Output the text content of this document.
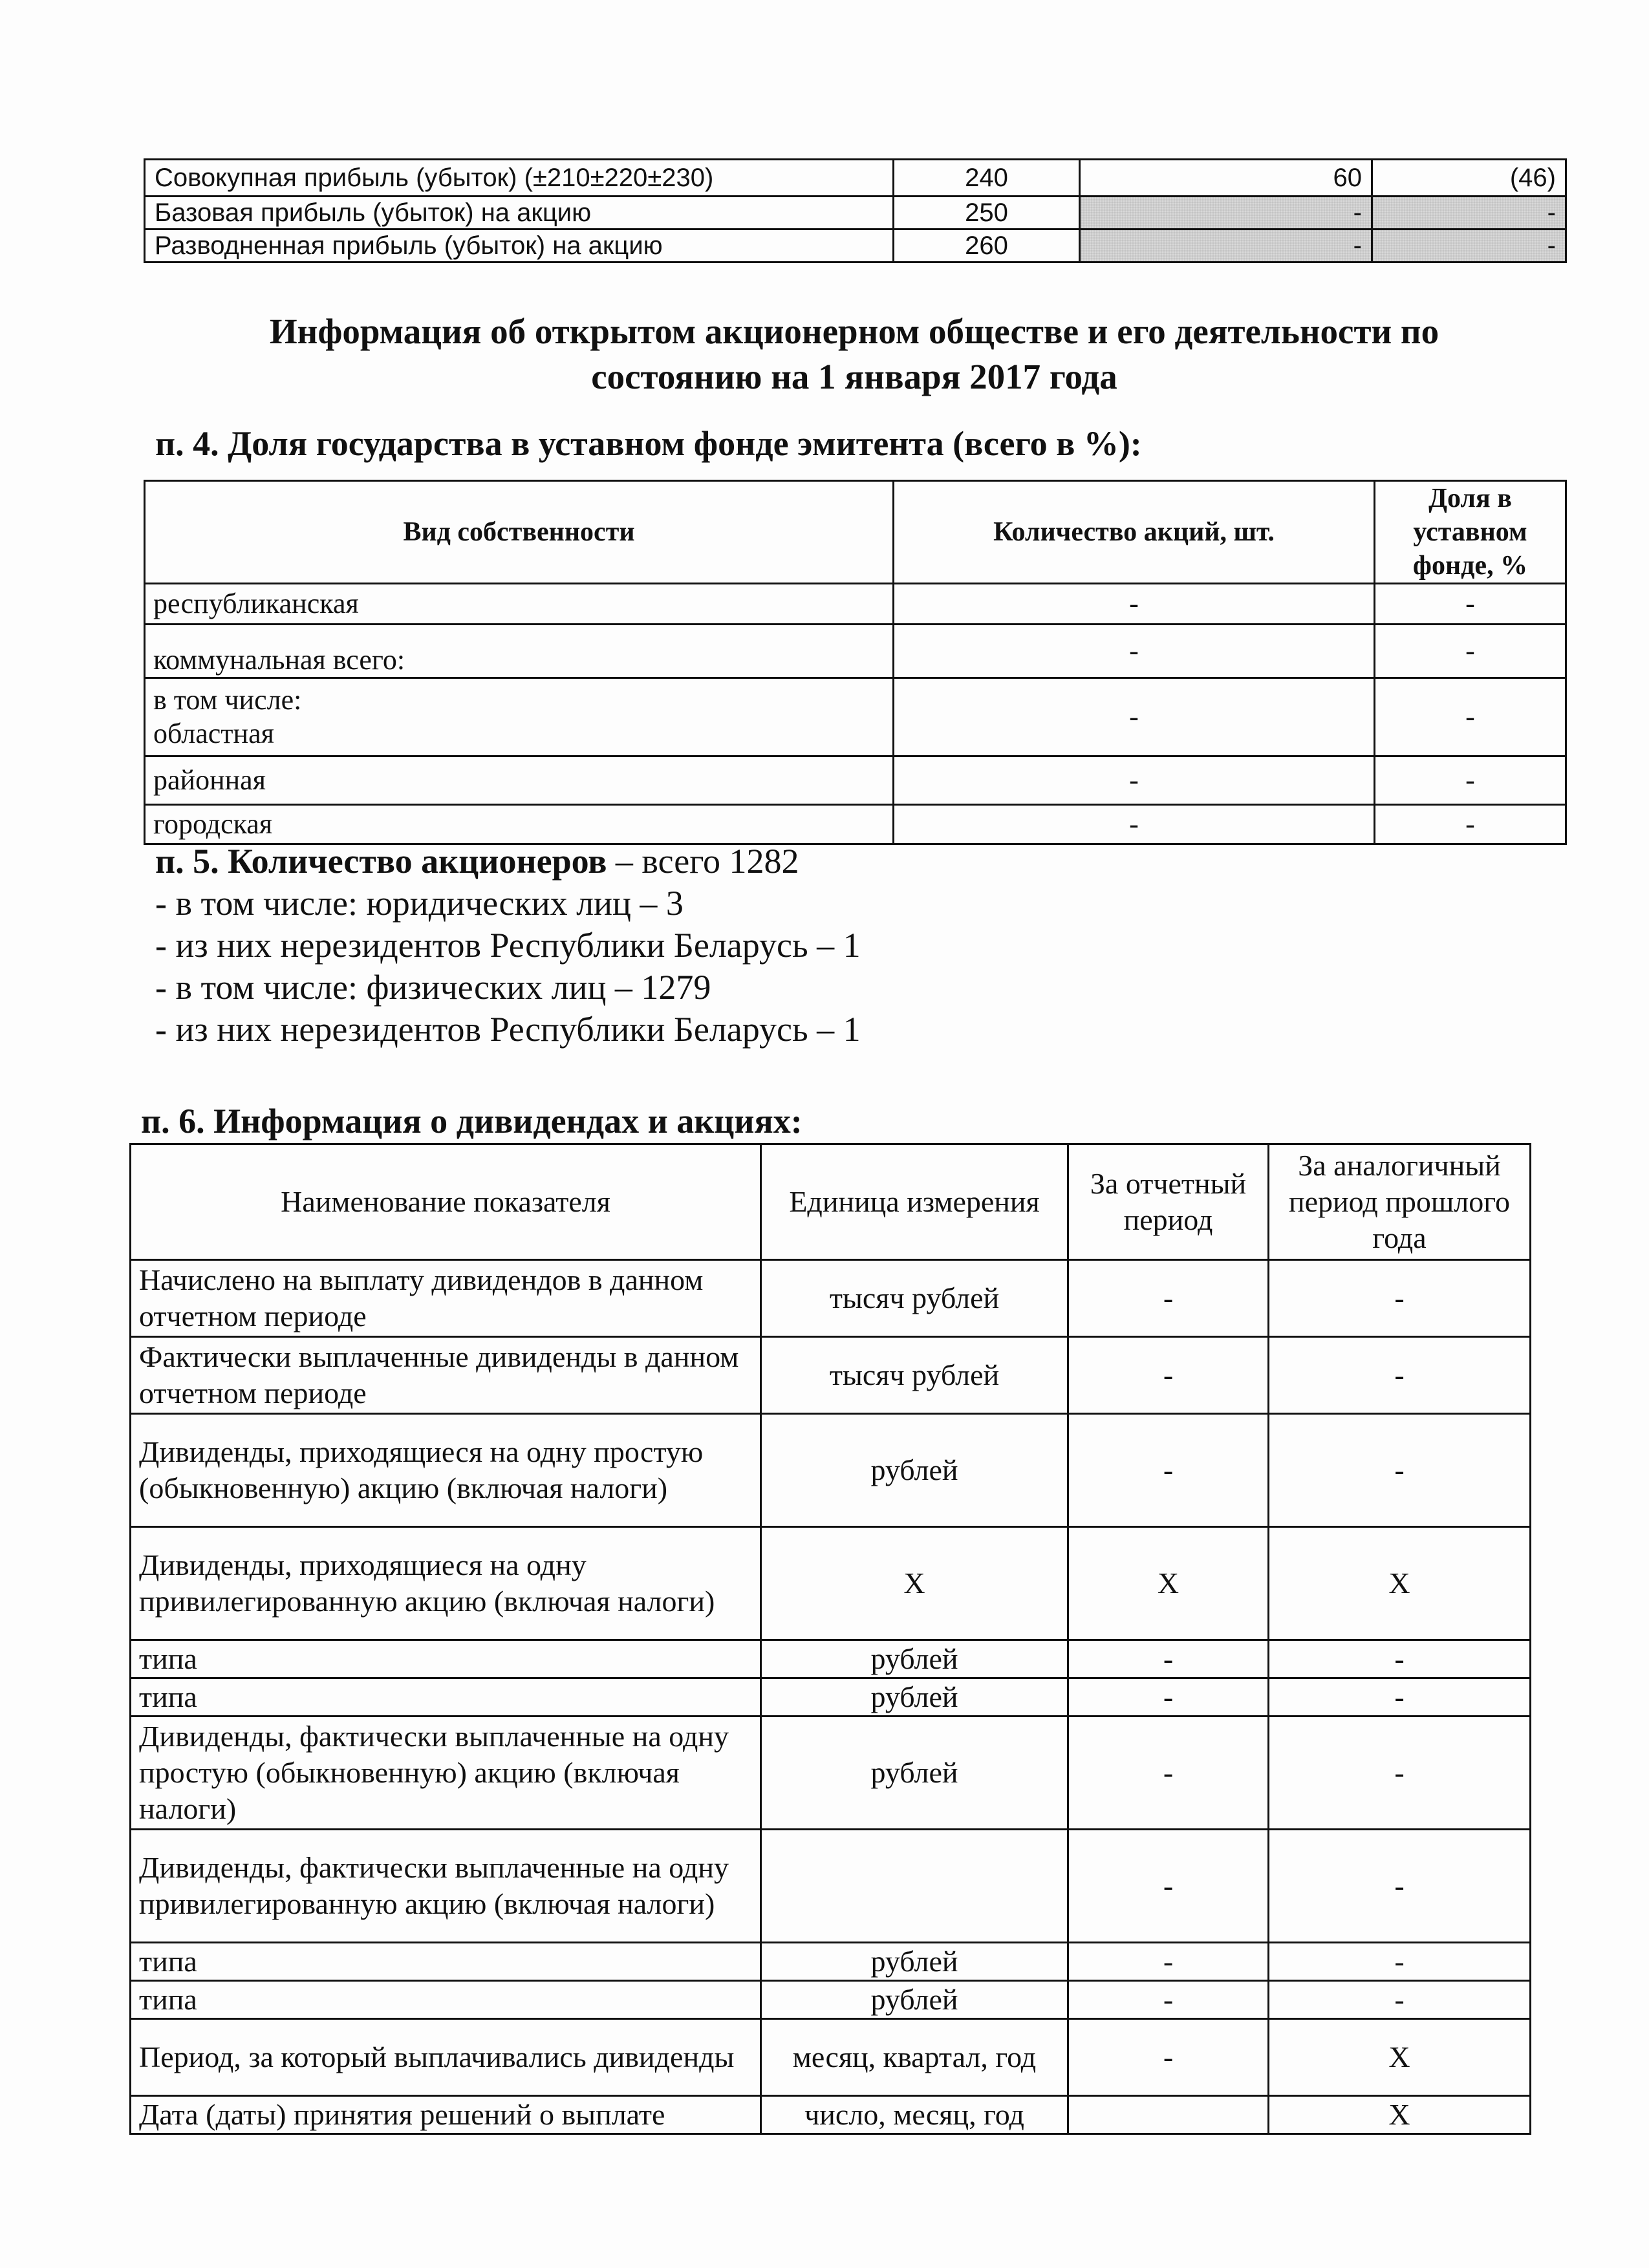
Совокупная прибыль (убыток) (±210±220±230)	240	60	(46)
Базовая прибыль (убыток) на акцию	250	-	-
Разводненная прибыль (убыток) на акцию	260	-	-
Информация об открытом акционерном обществе и его деятельности по
состоянию на 1 января 2017 года
п. 4. Доля государства в уставном фонде эмитента (всего в %):
Вид собственности	Количество акций, шт.	Доля в уставном фонде, %
республиканская	-	-
коммунальная всего:	-	-

в том числе:
областная	-	-
районная	-	-
городская	-	-
п. 5. Количество акционеров – всего 1282
- в том числе: юридических лиц – 3
- из них нерезидентов Республики Беларусь – 1
- в том числе: физических лиц – 1279
- из них нерезидентов Республики Беларусь – 1
п. 6. Информация о дивидендах и акциях:
Наименование показателя	Единица измерения	За отчетный период	За аналогичный период прошлого года
Начислено на выплату дивидендов в данном отчетном периоде	тысяч рублей	-	-
Фактически выплаченные дивиденды в данном отчетном периоде	тысяч рублей	-	-
Дивиденды, приходящиеся на одну простую (обыкновенную) акцию (включая налоги)	рублей	-	-
Дивиденды, приходящиеся на одну привилегированную акцию (включая налоги)	X	X	X
типа	рублей	-	-
типа	рублей	-	-
Дивиденды, фактически выплаченные на одну простую (обыкновенную) акцию (включая налоги)	рублей	-	-
Дивиденды, фактически выплаченные на одну привилегированную акцию (включая налоги)		-	-
типа	рублей	-	-
типа	рублей	-	-
Период, за который выплачивались дивиденды	месяц, квартал, год	-	X
Дата (даты) принятия решений о выплате	число, месяц, год		X
